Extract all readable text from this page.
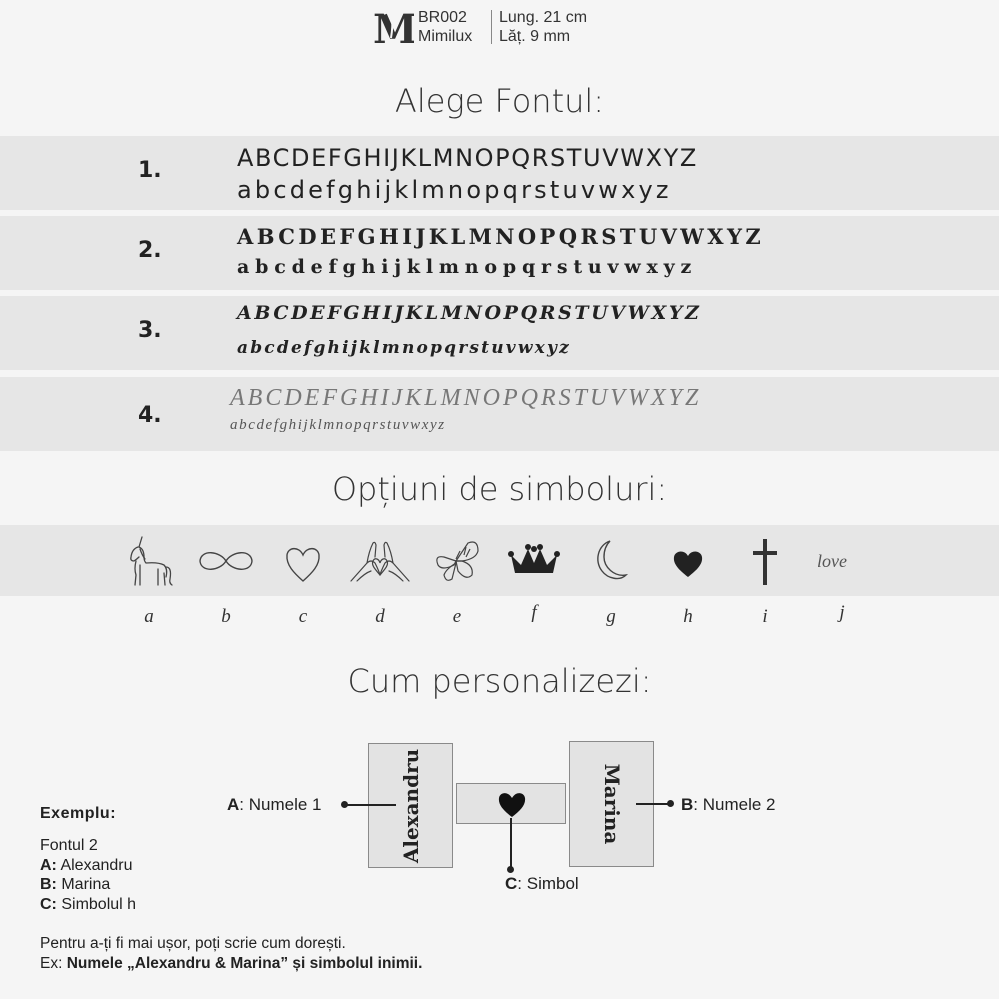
M BR002
Mimilux
Lung. 21 cm
Lăț. 9 mm
Alege Fontul:
1.	ABCDEFGHIJKLMNOPQRSTUVWXYZ
abcdefghijklmnopqrstuvwxyz
2.
ABCDEFGHIJKLMNOPQRSTUVWXYZ
abcdefghijklmnopqrstuvwxyz
3.
ABCDEFGHIJKLMNOPQRSTUVWXYZ
abcdefghijklmnopqrstuvwxyz
4.
ABCDEFGHIJKLMNOPQRSTUVWXYZ
abcdefghijklmnopqrstuvwxyz
Opțiuni de simboluri:
love
a	b	c	d	e	f	g	h	i	j
Cum personalizezi:
Alexandru	Marina
A: Numele 1	B: Numele 2
C: Simbol
Exemplu:
Fontul 2
A: Alexandru
B: Marina
C: Simbolul h
Pentru a-ți fi mai ușor, poți scrie cum dorești.
Ex: Numele „Alexandru & Marina” și simbolul inimii.
